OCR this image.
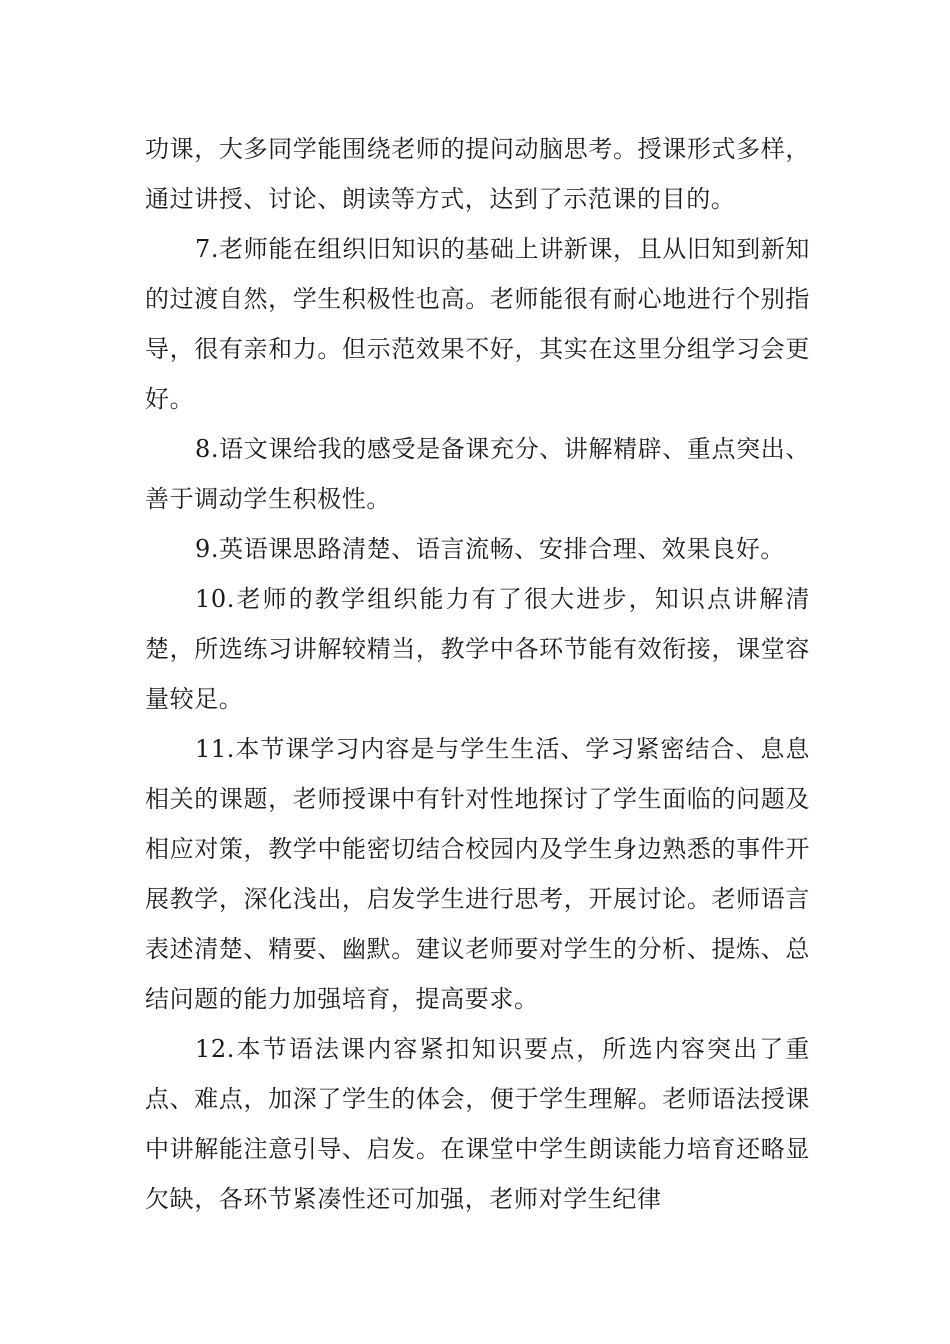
功课，大多同学能围绕老师的提问动脑思考。授课形式多样，通过讲授、讨论、朗读等方式，达到了示范课的目的。

7.老师能在组织旧知识的基础上讲新课，且从旧知到新知的过渡自然，学生积极性也高。老师能很有耐心地进行个别指导，很有亲和力。但示范效果不好，其实在这里分组学习会更好。

8.语文课给我的感受是备课充分、讲解精辟、重点突出、善于调动学生积极性。

9.英语课思路清楚、语言流畅、安排合理、效果良好。

10.老师的教学组织能力有了很大进步，知识点讲解清楚，所选练习讲解较精当，教学中各环节能有效衔接，课堂容量较足。

11.本节课学习内容是与学生生活、学习紧密结合、息息相关的课题，老师授课中有针对性地探讨了学生面临的问题及相应对策，教学中能密切结合校园内及学生身边熟悉的事件开展教学，深化浅出，启发学生进行思考，开展讨论。老师语言表述清楚、精要、幽默。建议老师要对学生的分析、提炼、总结问题的能力加强培育，提高要求。

12.本节语法课内容紧扣知识要点，所选内容突出了重点、难点，加深了学生的体会，便于学生理解。老师语法授课中讲解能注意引导、启发。在课堂中学生朗读能力培育还略显欠缺，各环节紧凑性还可加强，老师对学生纪律
